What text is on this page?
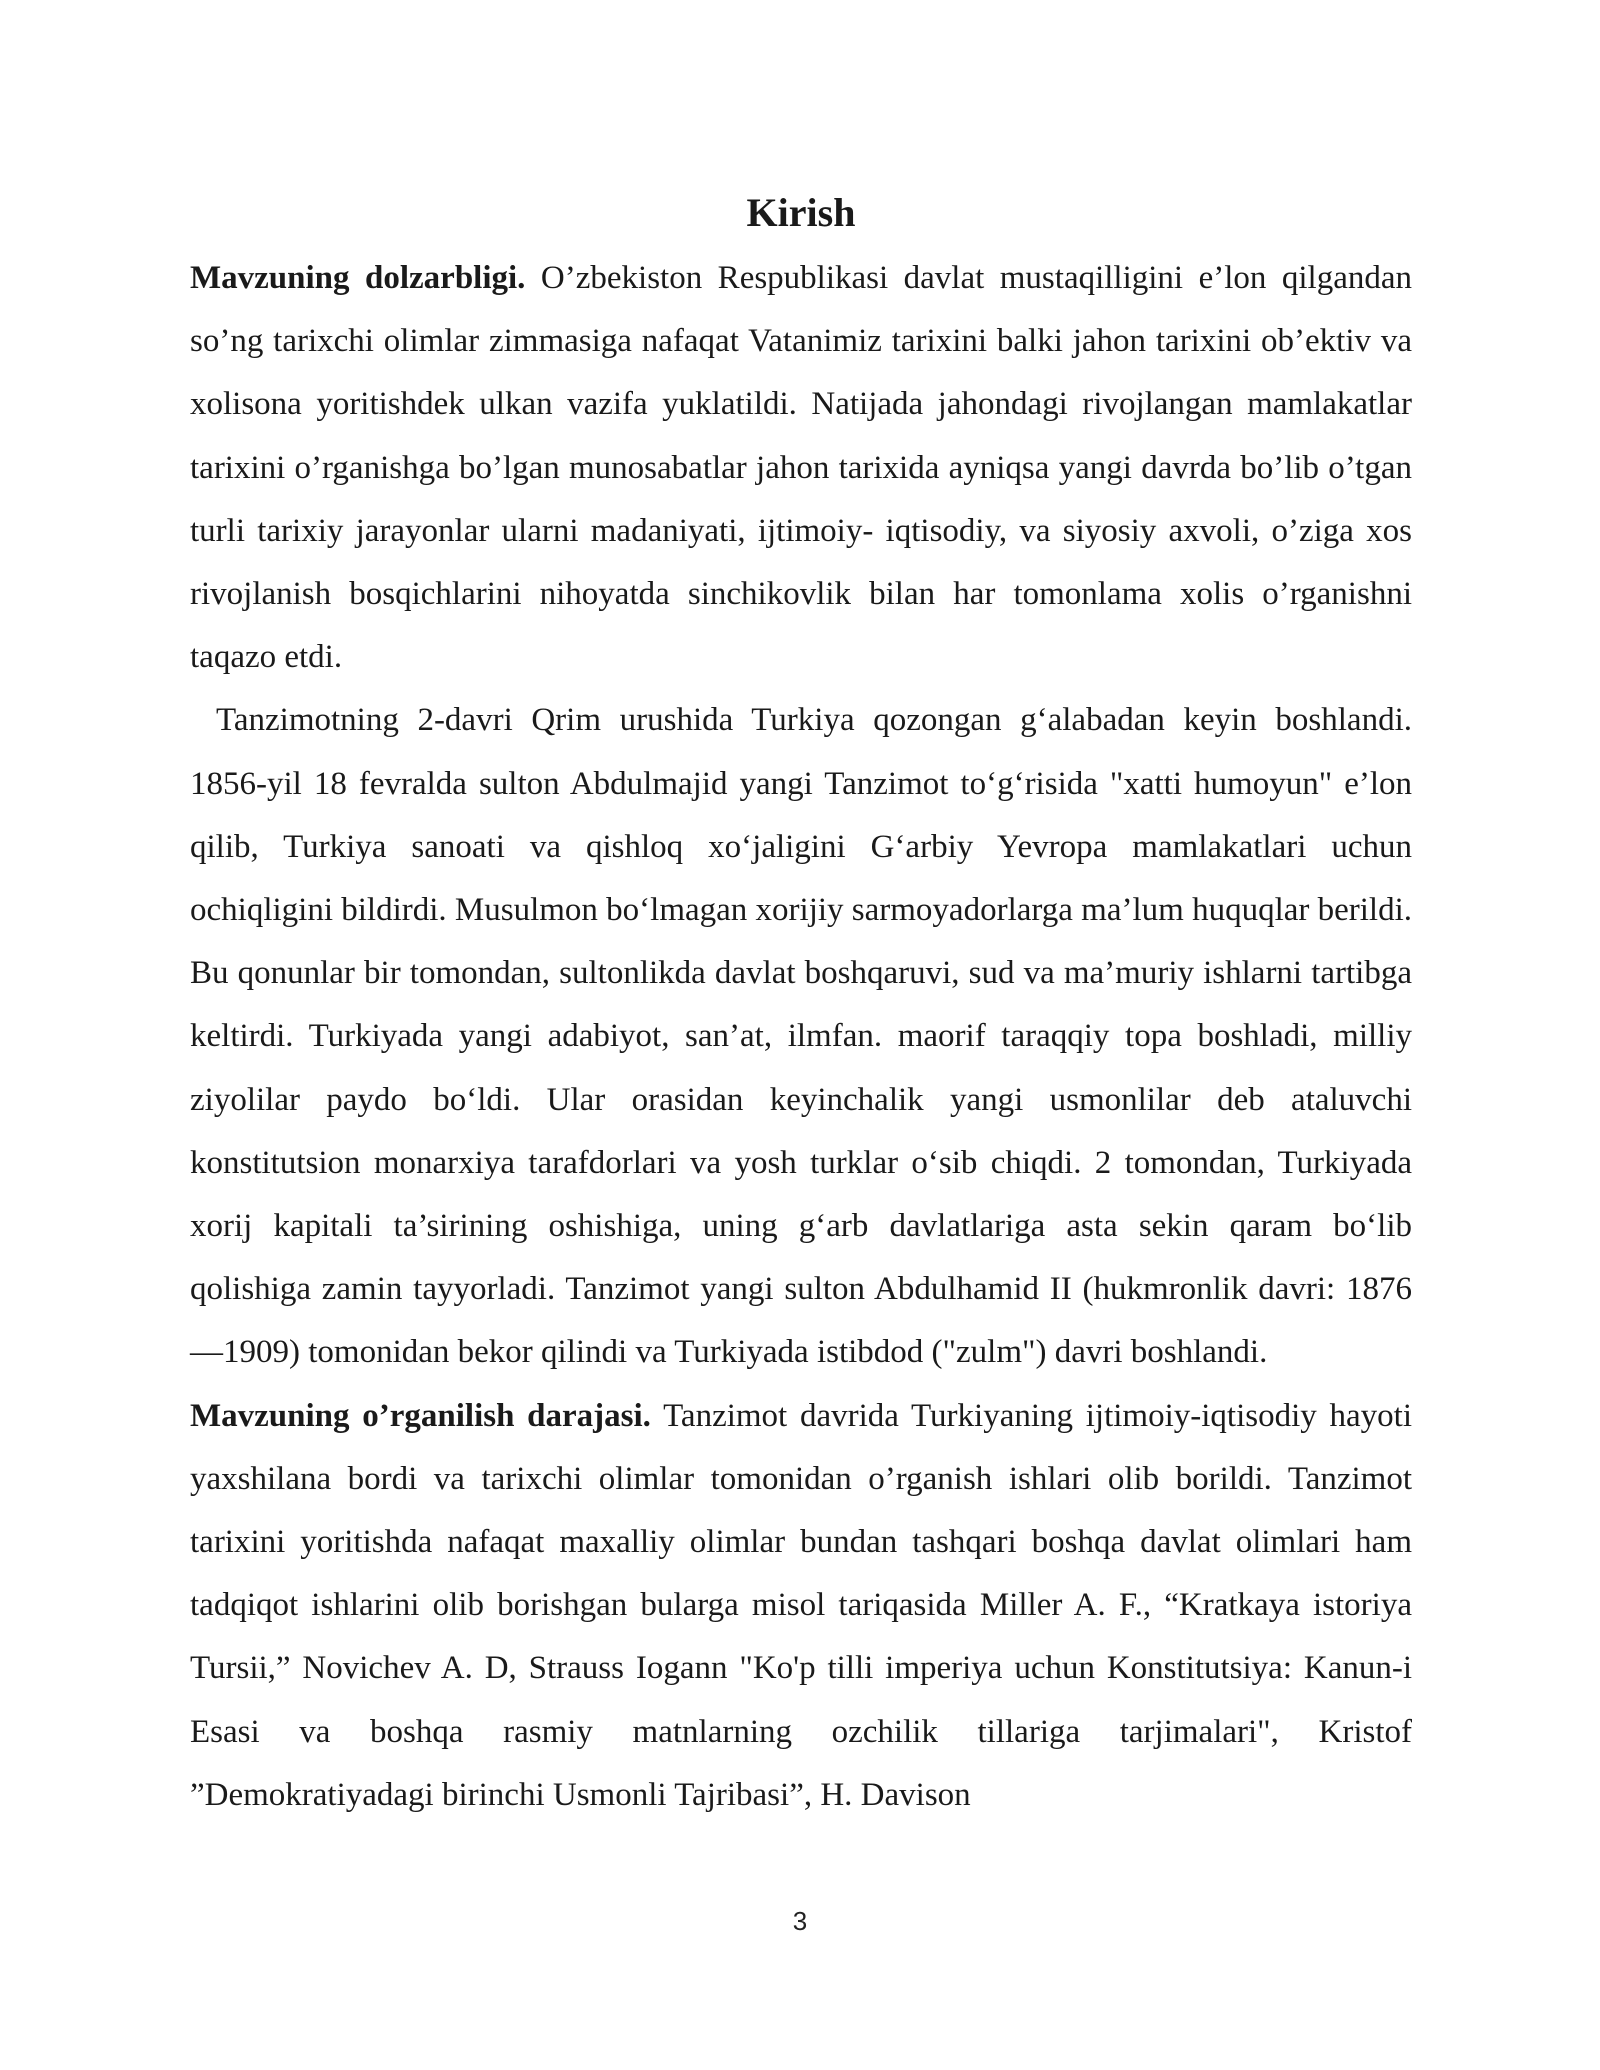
Kirish

Mavzuning dolzarbligi. O’zbekiston Respublikasi davlat mustaqilligini e’lon qilgandan so’ng tarixchi olimlar zimmasiga nafaqat Vatanimiz tarixini balki jahon tarixini ob’ektiv va xolisona yoritishdek ulkan vazifa yuklatildi. Natijada jahondagi rivojlangan mamlakatlar tarixini o’rganishga bo’lgan munosabatlar jahon tarixida ayniqsa yangi davrda bo’lib o’tgan turli tarixiy jarayonlar ularni madaniyati, ijtimoiy- iqtisodiy, va siyosiy axvoli, o’ziga xos rivojlanish bosqichlarini nihoyatda sinchikovlik bilan har tomonlama xolis o’rganishni taqazo etdi.

Tanzimotning 2-davri Qrim urushida Turkiya qozongan g‘alabadan keyin boshlandi. 1856-yil 18 fevralda sulton Abdulmajid yangi Tanzimot to‘g‘risida "xatti humoyun" e’lon qilib, Turkiya sanoati va qishloq xo‘jaligini G‘arbiy Yevropa mamlakatlari uchun ochiqligini bildirdi. Musulmon bo‘lmagan xorijiy sarmoyadorlarga ma’lum huquqlar berildi. Bu qonunlar bir tomondan, sultonlikda davlat boshqaruvi, sud va ma’muriy ishlarni tartibga keltirdi. Turkiyada yangi adabiyot, san’at, ilmfan. maorif taraqqiy topa boshladi, milliy ziyolilar paydo bo‘ldi. Ular orasidan keyinchalik yangi usmonlilar deb ataluvchi konstitutsion monarxiya tarafdorlari va yosh turklar o‘sib chiqdi. 2 tomondan, Turkiyada xorij kapitali ta’sirining oshishiga, uning g‘arb davlatlariga asta sekin qaram bo‘lib qolishiga zamin tayyorladi. Tanzimot yangi sulton Abdulhamid II (hukmronlik davri: 1876—1909) tomonidan bekor qilindi va Turkiyada istibdod ("zulm") davri boshlandi.

Mavzuning o’rganilish darajasi. Tanzimot davrida Turkiyaning ijtimoiy-iqtisodiy hayoti yaxshilana bordi va tarixchi olimlar tomonidan o’rganish ishlari olib borildi. Tanzimot tarixini yoritishda nafaqat maxalliy olimlar bundan tashqari boshqa davlat olimlari ham tadqiqot ishlarini olib borishgan bularga misol tariqasida Miller A. F., “Kratkaya istoriya Tursii,” Novichev A. D, Strauss Iogann "Ko'p tilli imperiya uchun Konstitutsiya: Kanun-i Esasi va boshqa rasmiy matnlarning ozchilik tillariga tarjimalari", Kristof ”Demokratiyadagi birinchi Usmonli Tajribasi”, H. Davison

3
